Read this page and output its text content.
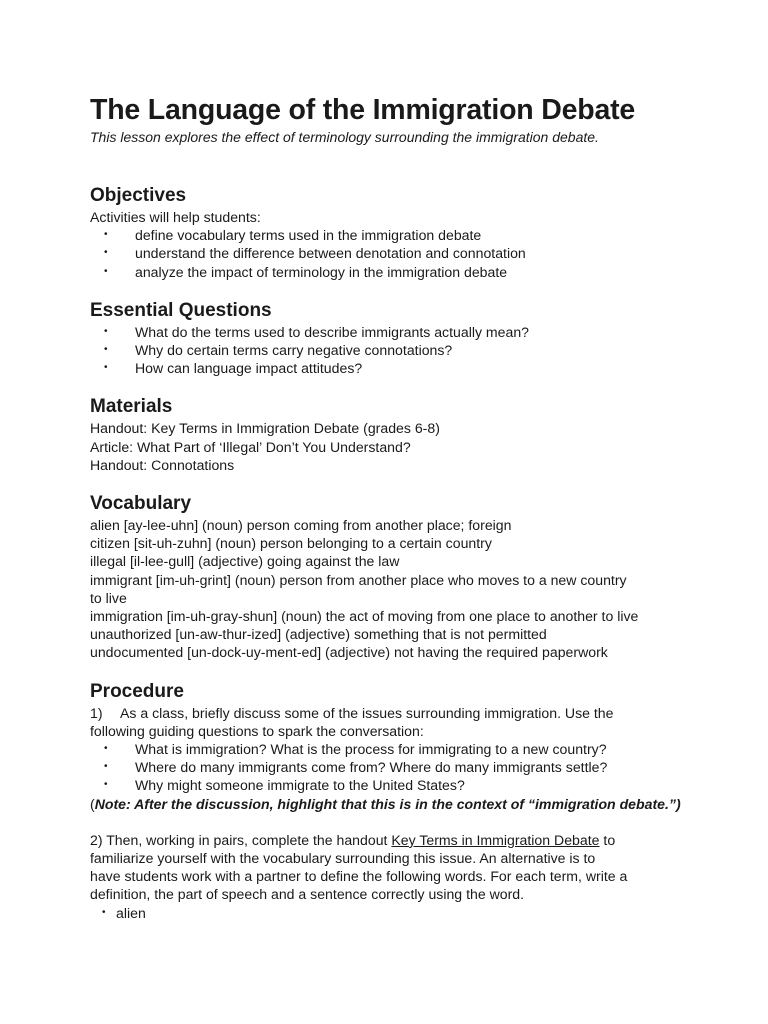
The Language of the Immigration Debate

This lesson explores the effect of terminology surrounding the immigration debate.

Objectives

Activities will help students:

• define vocabulary terms used in the immigration debate
• understand the difference between denotation and connotation
• analyze the impact of terminology in the immigration debate
Essential Questions
• What do the terms used to describe immigrants actually mean?
• Why do certain terms carry negative connotations?
• How can language impact attitudes?
Materials

Handout: Key Terms in Immigration Debate (grades 6-8)

Article: What Part of ‘Illegal’ Don’t You Understand?

Handout: Connotations

Vocabulary

alien [ay-lee-uhn] (noun) person coming from another place; foreign

citizen [sit-uh-zuhn] (noun) person belonging to a certain country

illegal [il-lee-gull] (adjective) going against the law

immigrant [im-uh-grint] (noun) person from another place who moves to a new country

to live

immigration [im-uh-gray-shun] (noun) the act of moving from one place to another to live

unauthorized [un-aw-thur-ized] (adjective) something that is not permitted

undocumented [un-dock-uy-ment-ed] (adjective) not having the required paperwork

Procedure

1) As a class, briefly discuss some of the issues surrounding immigration. Use the

following guiding questions to spark the conversation:

• What is immigration? What is the process for immigrating to a new country?
• Where do many immigrants come from? Where do many immigrants settle?
• Why might someone immigrate to the United States?

(Note: After the discussion, highlight that this is in the context of “immigration debate.”)

2) Then, working in pairs, complete the handout Key Terms in Immigration Debate to

familiarize yourself with the vocabulary surrounding this issue. An alternative is to

have students work with a partner to define the following words. For each term, write a

definition, the part of speech and a sentence correctly using the word.

• alien
